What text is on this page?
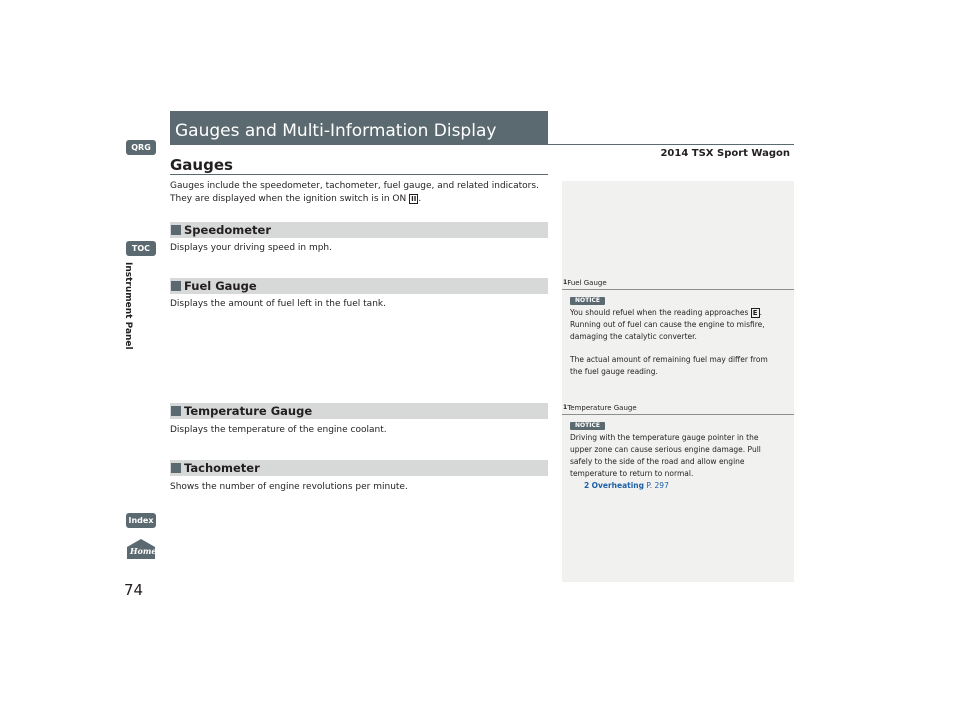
QRG
TOC
Instrument Panel
Index
Home
74
Gauges and Multi-Information Display
2014 TSX Sport Wagon
Gauges
Gauges include the speedometer, tachometer, fuel gauge, and related indicators.
They are displayed when the ignition switch is in ON II .
Speedometer
Displays your driving speed in mph.
Fuel Gauge
Displays the amount of fuel left in the fuel tank.
Temperature Gauge
Displays the temperature of the engine coolant.
Tachometer
Shows the number of engine revolutions per minute.
1Fuel Gauge
NOTICE
You should refuel when the reading approaches E .
Running out of fuel can cause the engine to misfire,
damaging the catalytic converter.
The actual amount of remaining fuel may differ from
the fuel gauge reading.
1Temperature Gauge
NOTICE
Driving with the temperature gauge pointer in the
upper zone can cause serious engine damage. Pull
safely to the side of the road and allow engine
temperature to return to normal.
2 Overheating P. 297
